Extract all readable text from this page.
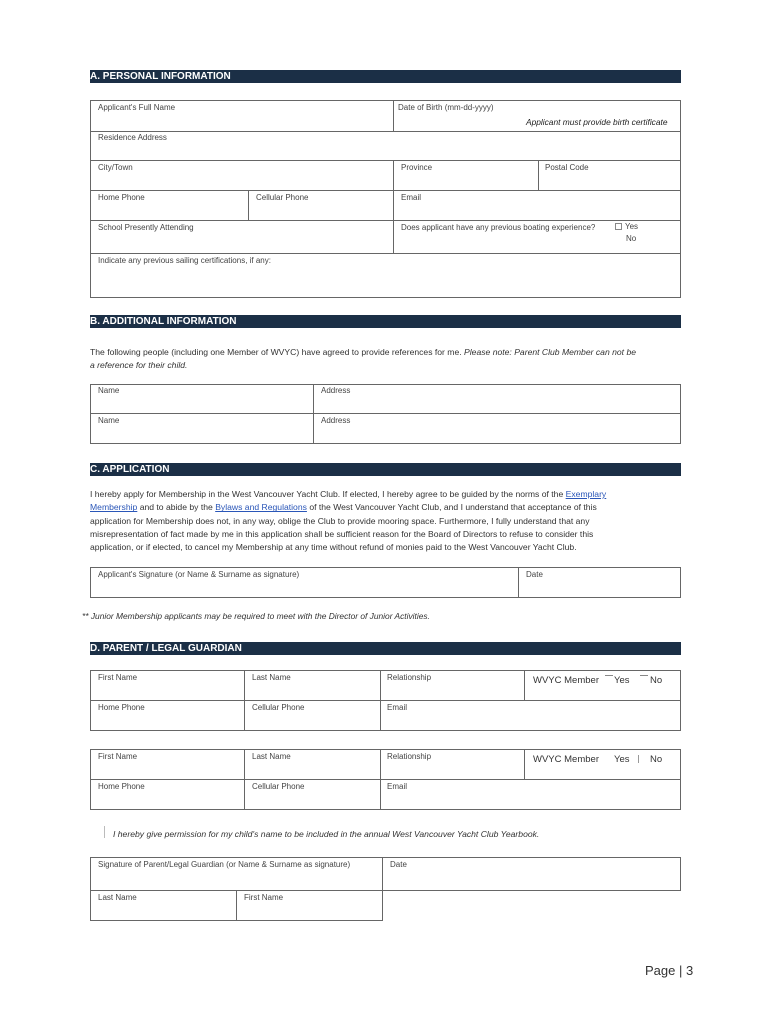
A. PERSONAL INFORMATION
Applicant's Full Name	Date of Birth (mm-dd-yyyy)
Applicant must provide birth certificate
Residence Address
City/Town	Province	Postal Code
Home Phone	Cellular Phone	Email
School Presently Attending	Does applicant have any previous boating experience?	Yes
No
Indicate any previous sailing certifications, if any:
B. ADDITIONAL INFORMATION
The following people (including one Member of WVYC) have agreed to provide references for me. Please note: Parent Club Member can not be
a reference for their child.
Name	Address
Name	Address
C. APPLICATION
I hereby apply for Membership in the West Vancouver Yacht Club. If elected, I hereby agree to be guided by the norms of the Exemplary
Membership and to abide by the Bylaws and Regulations of the West Vancouver Yacht Club, and I understand that acceptance of this
application for Membership does not, in any way, oblige the Club to provide mooring space. Furthermore, I fully understand that any
misrepresentation of fact made by me in this application shall be sufficient reason for the Board of Directors to refuse to consider this
application, or if elected, to cancel my Membership at any time without refund of monies paid to the West Vancouver Yacht Club.
Applicant's Signature (or Name & Surname as signature)	Date
** Junior Membership applicants may be required to meet with the Director of Junior Activities.
D. PARENT / LEGAL GUARDIAN
First Name	Last Name	Relationship	WVYC Member Yes No
Home Phone	Cellular Phone	Email
First Name	Last Name	Relationship	WVYC Member Yes No
Home Phone	Cellular Phone	Email
I hereby give permission for my child's name to be included in the annual West Vancouver Yacht Club Yearbook.
Signature of Parent/Legal Guardian (or Name & Surname as signature)	Date
Last Name	First Name
Page | 3
